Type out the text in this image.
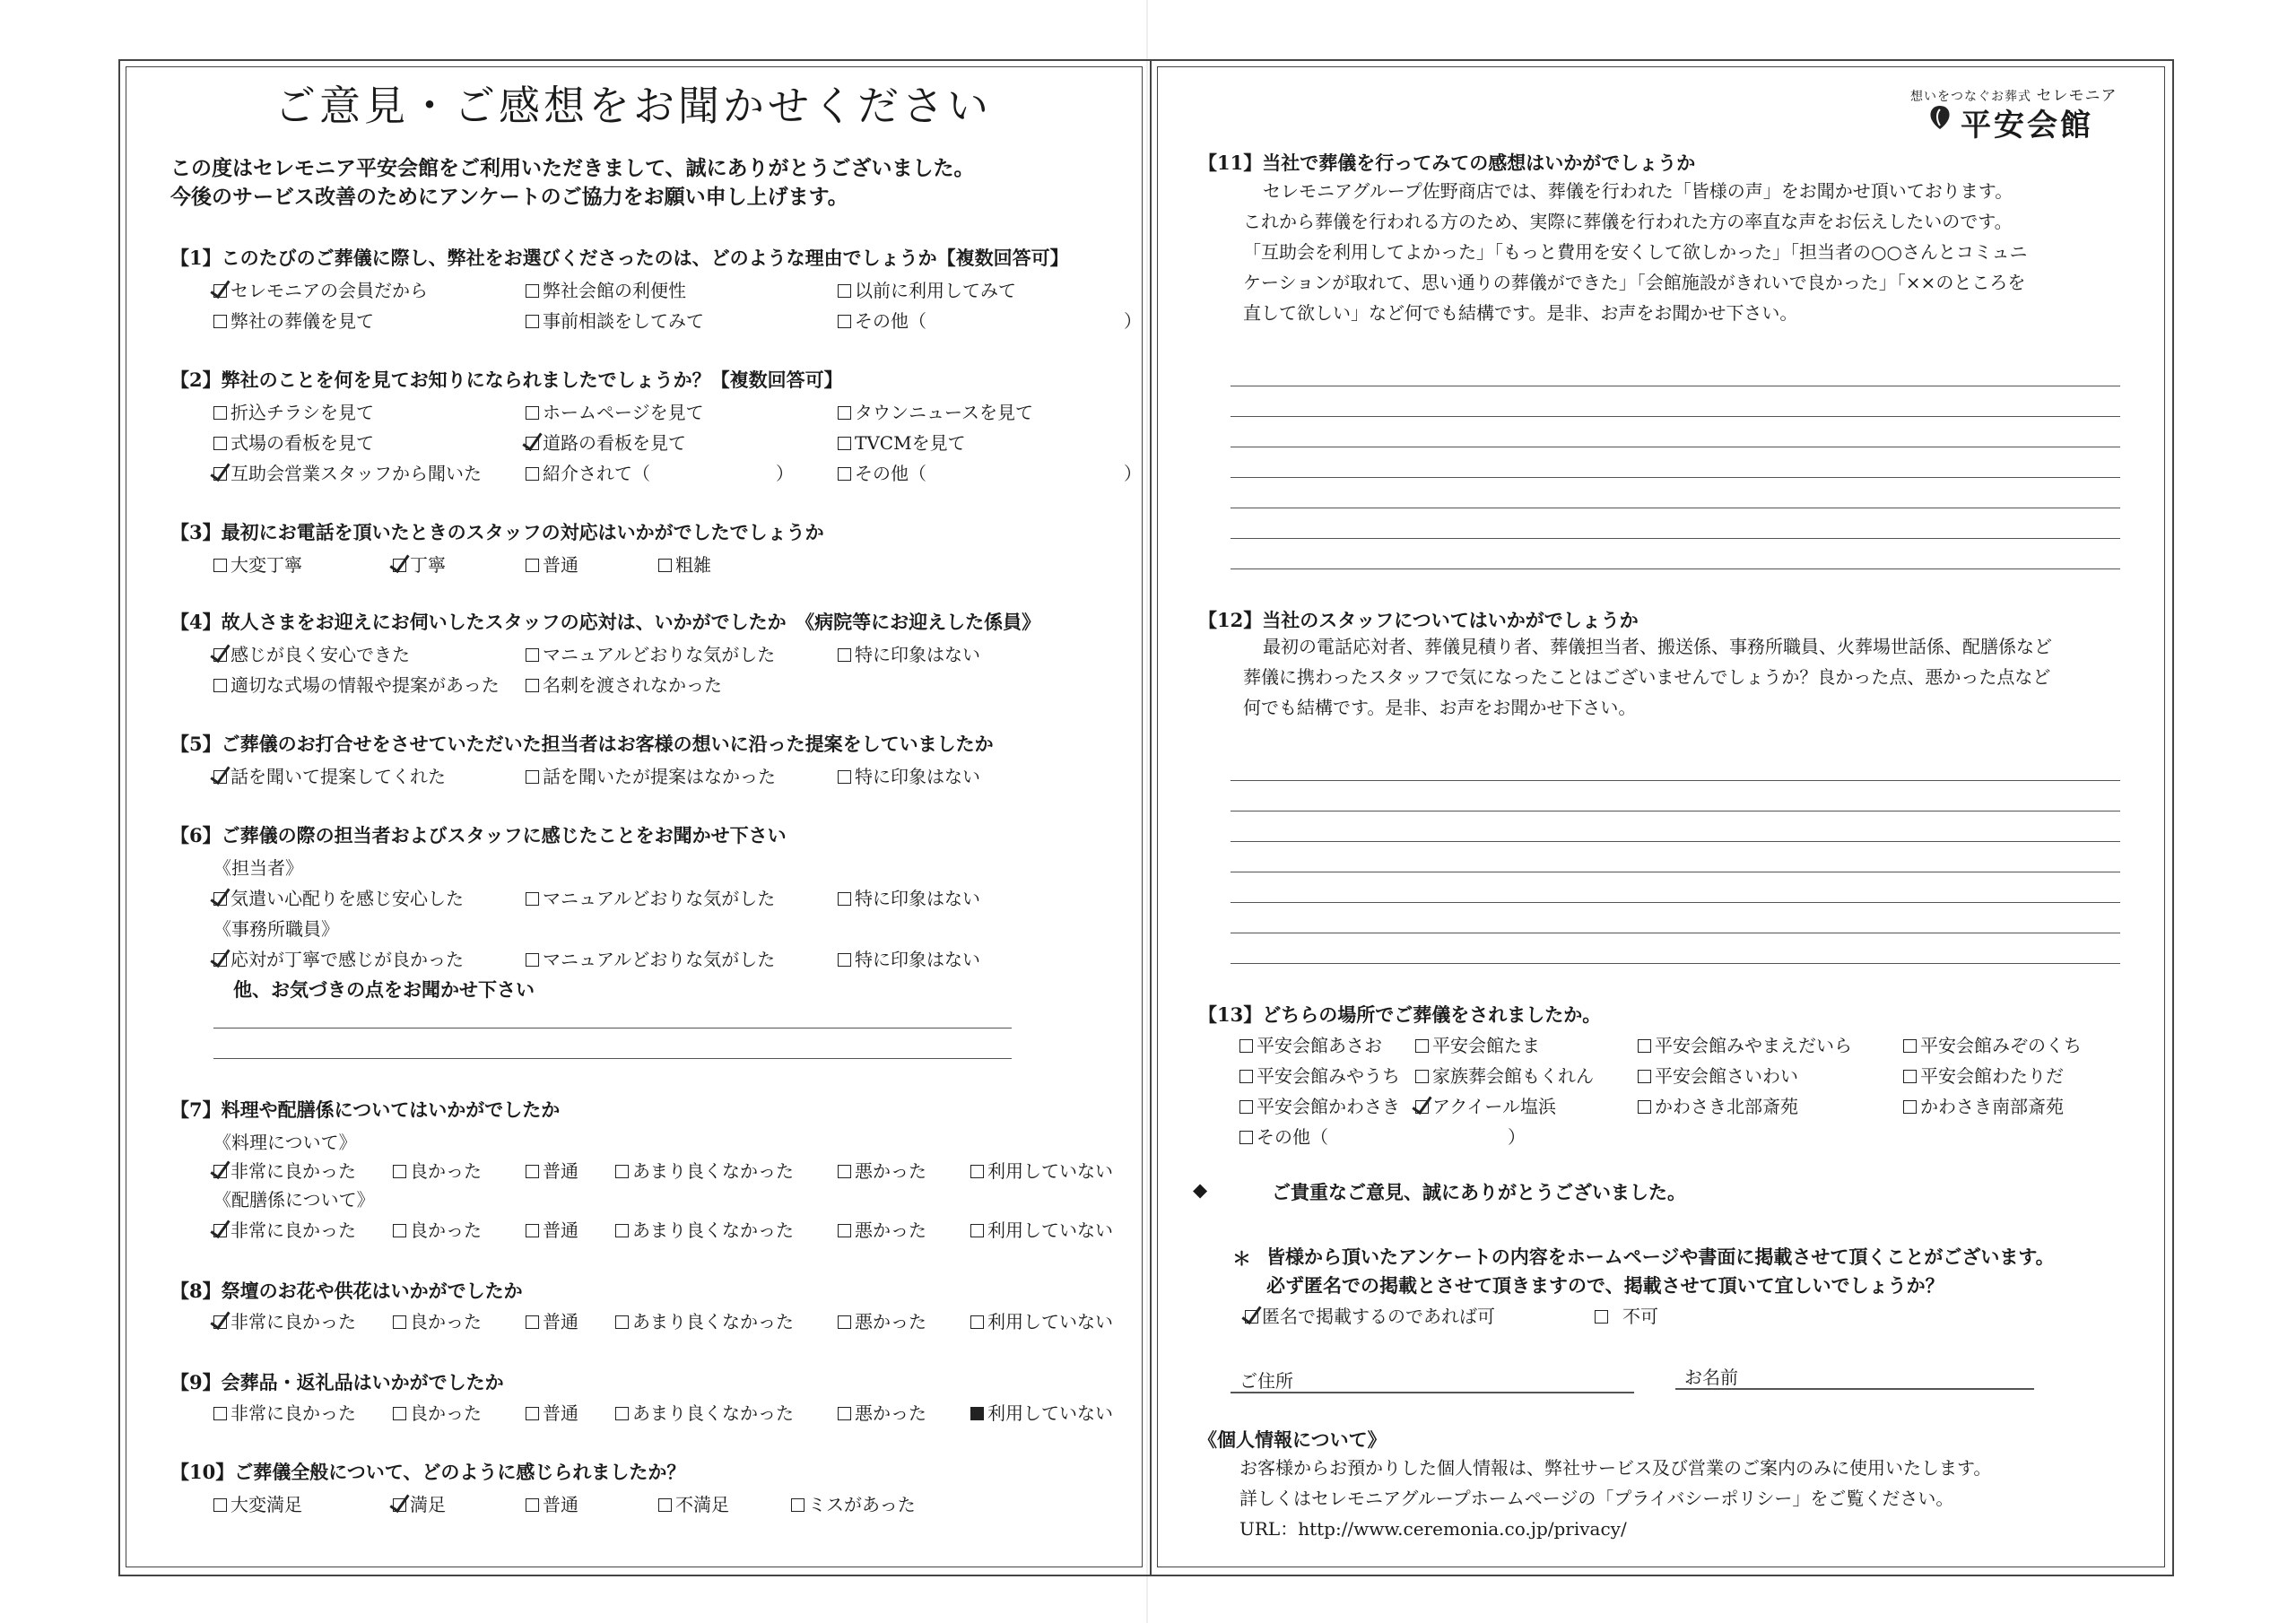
ご意見・ご感想をお聞かせください
この度はセレモニア平安会館をご利用いただきまして、誠にありがとうございました。
今後のサービス改善のためにアンケートのご協力をお願い申し上げます。
【1】このたびのご葬儀に際し、弊社をお選びくださったのは、どのような理由でしょうか【複数回答可】
セレモニアの会員だから	弊社会館の利便性	以前に利用してみて
弊社の葬儀を見て	事前相談をしてみて	その他（　　　　　　　　　　　）
【2】弊社のことを何を見てお知りになられましたでしょうか？【複数回答可】
折込チラシを見て	ホームページを見て	タウンニュースを見て
式場の看板を見て	道路の看板を見て	TVCMを見て
互助会営業スタッフから聞いた	紹介されて（　　　　　　　）	その他（　　　　　　　　　　　）
【3】最初にお電話を頂いたときのスタッフの対応はいかがでしたでしょうか
大変丁寧	丁寧	普通	粗雑
【4】故人さまをお迎えにお伺いしたスタッフの応対は、いかがでしたか　《病院等にお迎えした係員》
感じが良く安心できた	マニュアルどおりな気がした	特に印象はない
適切な式場の情報や提案があった	名刺を渡されなかった
【5】ご葬儀のお打合せをさせていただいた担当者はお客様の想いに沿った提案をしていましたか
話を聞いて提案してくれた	話を聞いたが提案はなかった	特に印象はない
【6】ご葬儀の際の担当者およびスタッフに感じたことをお聞かせ下さい
《担当者》
気遣い心配りを感じ安心した	マニュアルどおりな気がした	特に印象はない
《事務所職員》
応対が丁寧で感じが良かった	マニュアルどおりな気がした	特に印象はない
他、お気づきの点をお聞かせ下さい
【7】料理や配膳係についてはいかがでしたか
《料理について》
非常に良かった	良かった	普通	あまり良くなかった	悪かった	利用していない
《配膳係について》
非常に良かった	良かった	普通	あまり良くなかった	悪かった	利用していない
【8】祭壇のお花や供花はいかがでしたか
非常に良かった	良かった	普通	あまり良くなかった	悪かった	利用していない
【9】会葬品・返礼品はいかがでしたか
非常に良かった	良かった	普通	あまり良くなかった	悪かった	利用していない
【10】ご葬儀全般について、どのように感じられましたか？
大変満足	満足	普通	不満足	ミスがあった
想いをつなぐお葬式 セレモニア
平安会館
【11】当社で葬儀を行ってみての感想はいかがでしょうか
セレモニアグループ佐野商店では、葬儀を行われた「皆様の声」をお聞かせ頂いております。
これから葬儀を行われる方のため、実際に葬儀を行われた方の率直な声をお伝えしたいのです。
「互助会を利用してよかった」「もっと費用を安くして欲しかった」「担当者の○○さんとコミュニ
ケーションが取れて、思い通りの葬儀ができた」「会館施設がきれいで良かった」「××のところを
直して欲しい」など何でも結構です。是非、お声をお聞かせ下さい。
【12】当社のスタッフについてはいかがでしょうか
最初の電話応対者、葬儀見積り者、葬儀担当者、搬送係、事務所職員、火葬場世話係、配膳係など
葬儀に携わったスタッフで気になったことはございませんでしょうか？良かった点、悪かった点など
何でも結構です。是非、お声をお聞かせ下さい。
【13】どちらの場所でご葬儀をされましたか。
平安会館あさお	平安会館たま	平安会館みやまえだいら	平安会館みぞのくち
平安会館みやうち	家族葬会館もくれん	平安会館さいわい	平安会館わたりだ
平安会館かわさき	アクイール塩浜	かわさき北部斎苑	かわさき南部斎苑
その他（　　　　　　　　　　）
◆	ご貴重なご意見、誠にありがとうございました。
＊ 皆様から頂いたアンケートの内容をホームページや書面に掲載させて頂くことがございます。
必ず匿名での掲載とさせて頂きますので、掲載させて頂いて宜しいでしょうか？
匿名で掲載するのであれば可	不可
ご住所	お名前
《個人情報について》
お客様からお預かりした個人情報は、弊社サービス及び営業のご案内のみに使用いたします。
詳しくはセレモニアグループホームページの「プライバシーポリシー」をご覧ください。
URL：http://www.ceremonia.co.jp/privacy/
